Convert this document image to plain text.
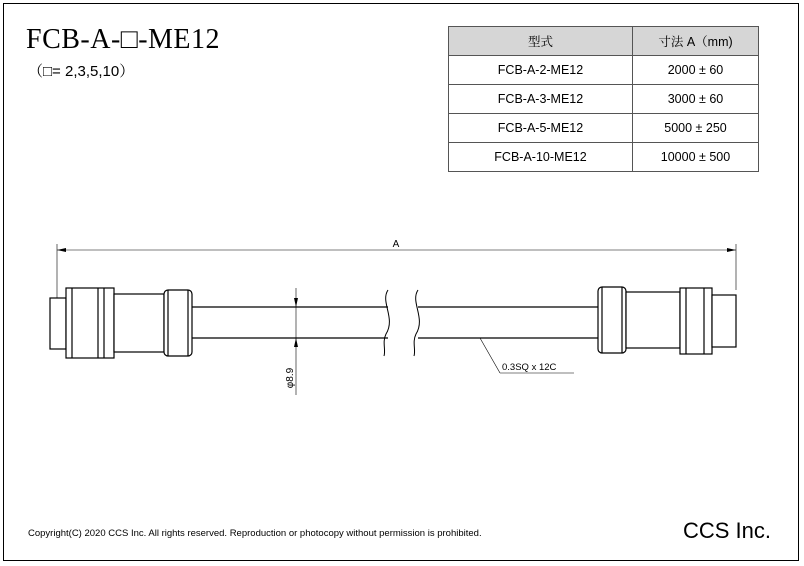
FCB-A-□-ME12
（□= 2,3,5,10）
型式	寸法 A（mm)
FCB-A-2-ME12	2000 ± 60
FCB-A-3-ME12	3000 ± 60
FCB-A-5-ME12	5000 ± 250
FCB-A-10-ME12	10000 ± 500
A
φ8.9
0.3SQ x 12C
Copyright(C) 2020 CCS Inc. All rights reserved. Reproduction or photocopy without permission is prohibited.	CCS Inc.
